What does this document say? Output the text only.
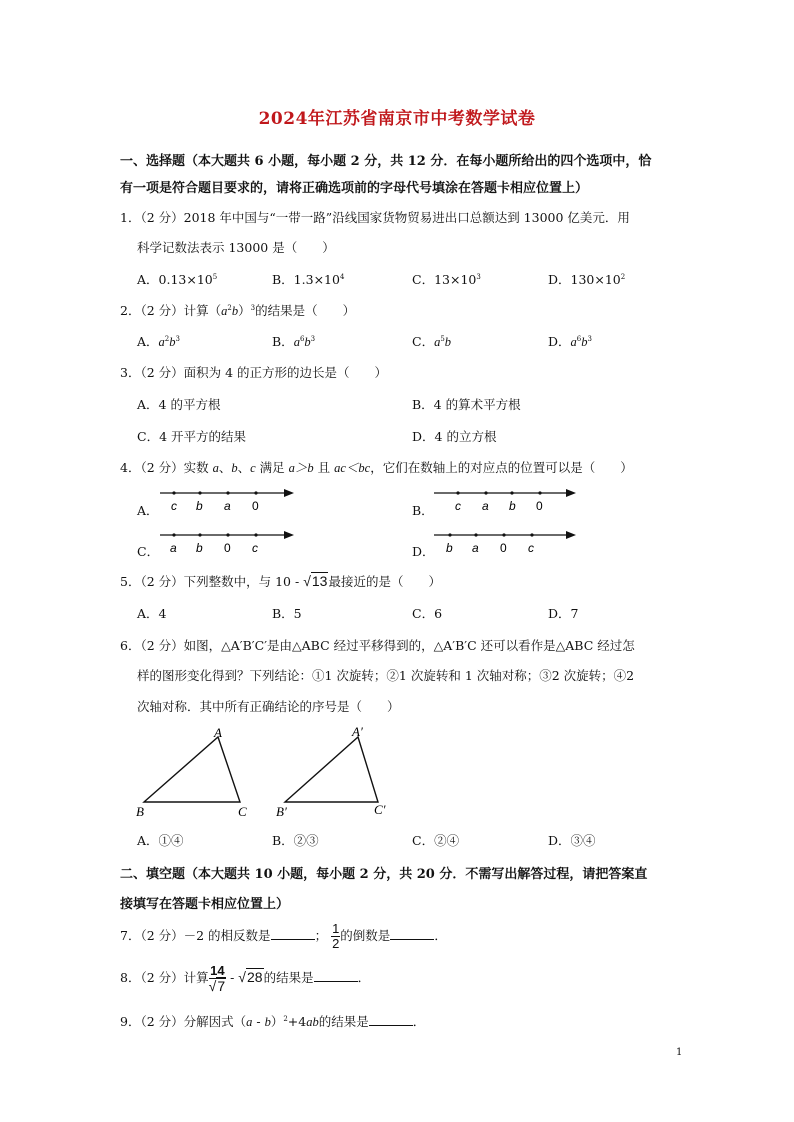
2024年江苏省南京市中考数学试卷
一、选择题（本大题共 6 小题，每小题 2 分，共 12 分．在每小题所给出的四个选项中，恰
有一项是符合题目要求的，请将正确选项前的字母代号填涂在答题卡相应位置上）
1．（2 分）2018 年中国与“一带一路”沿线国家货物贸易进出口总额达到 13000 亿美元．用
科学记数法表示 13000 是（　　）
A．$0.13\times 10^5$	B．$1.3\times 10^4$	C．$13\times 10^3$	D．$130\times 10^2$
2．（2 分）计算$(a^2b)^3$的结果是（　　）
A．$a^2b^3$	B．$a^6b^3$	C．$a^5b$	D．$a^6b^3$
3．（2 分）面积为 4 的正方形的边长是（　　）
A．4 的平方根	B．4 的算术平方根
C．4 开平方的结果	D．4 的立方根
4．（2 分）实数 a、b、c 满足 a＞b 且 ac＜bc，它们在数轴上的对应点的位置可以是（　　）
A． c b a 0	B． c a b 0
C． a b 0 c	D． b a 0 c
5．（2 分）下列整数中，与 10 - √13最接近的是（　　）
A．4	B．5	C．6	D．7
6．（2 分）如图，△A′B′C′是由△ABC 经过平移得到的，△A′B′C 还可以看作是△ABC 经过怎
样的图形变化得到？下列结论：①1 次旋转；②1 次旋转和 1 次轴对称；③2 次旋转；④2
次轴对称．其中所有正确结论的序号是（　　）
A
B	C
A′
B′	C′
A．①④	B．②③	C．②④	D．③④
二、填空题（本大题共 10 小题，每小题 2 分，共 20 分．不需写出解答过程，请把答案直
接填写在答题卡相应位置上）
7．（2 分）－2 的相反数是	； $\frac{1}{2}$ 的倒数是	．
8．（2 分）计算 $\frac{14}{√7} - √28$的结果是	．
9．（2 分）分解因式（a - b）$^2$+4ab的结果是	．
1
